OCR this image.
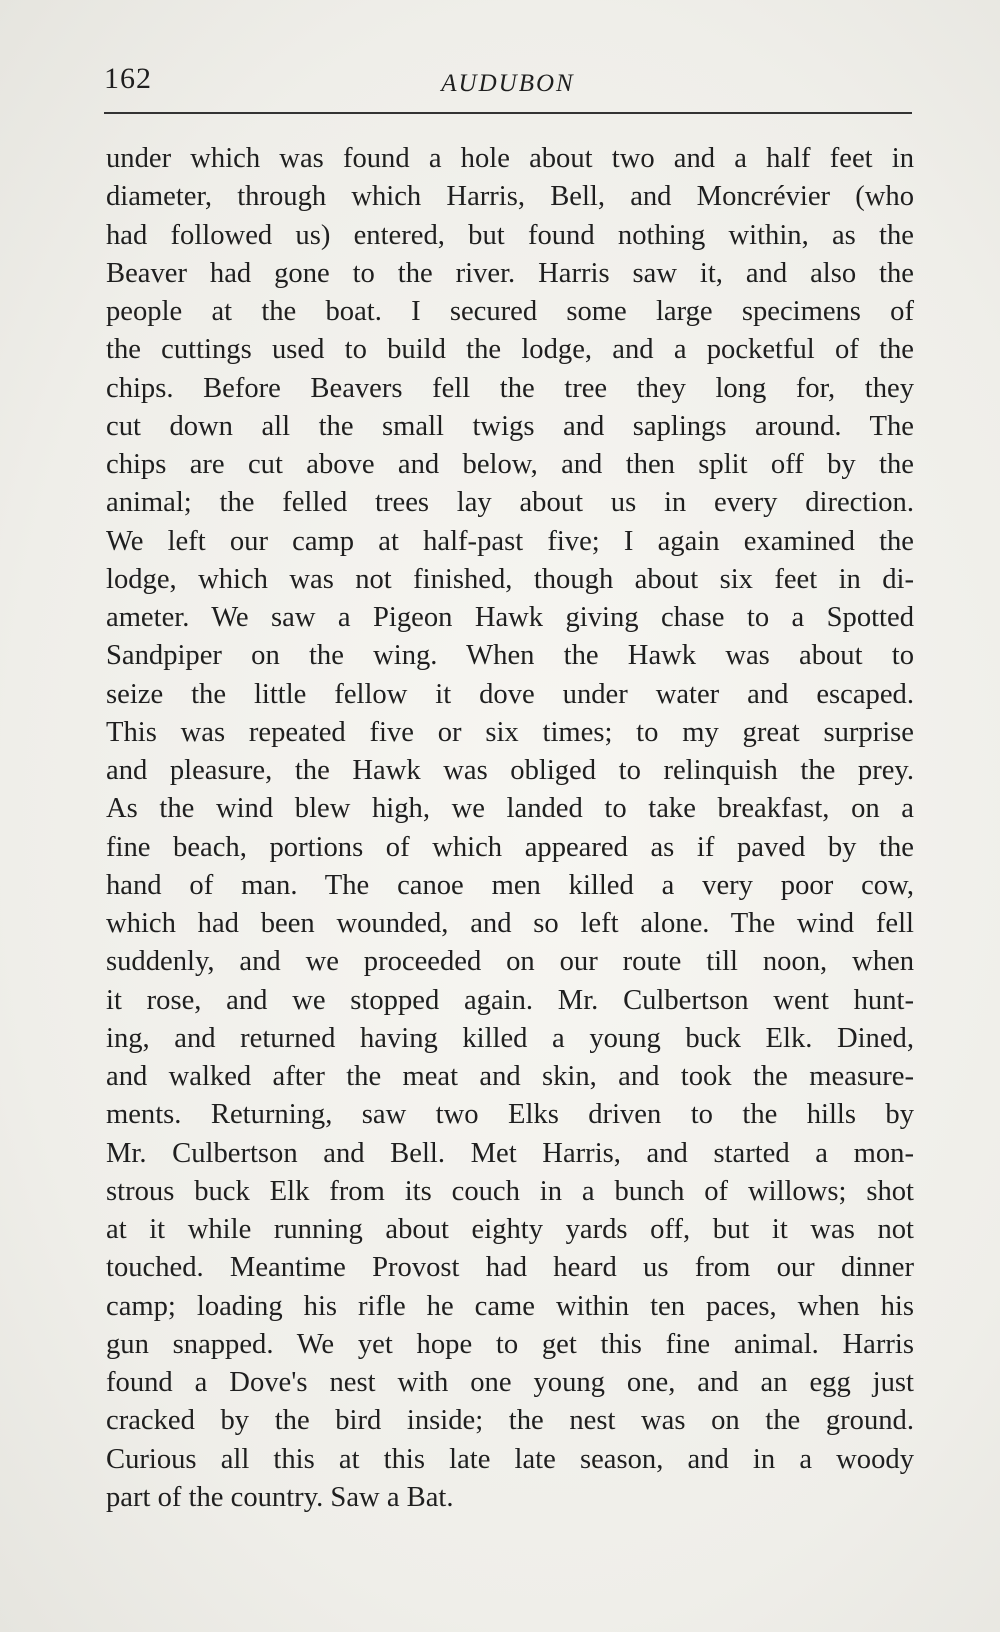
162	AUDUBON
under which was found a hole about two and a half feet in
diameter, through which Harris, Bell, and Moncrévier (who
had followed us) entered, but found nothing within, as the
Beaver had gone to the river. Harris saw it, and also the
people at the boat. I secured some large specimens of
the cuttings used to build the lodge, and a pocketful of the
chips. Before Beavers fell the tree they long for, they
cut down all the small twigs and saplings around. The
chips are cut above and below, and then split off by the
animal; the felled trees lay about us in every direction.
We left our camp at half-past five; I again examined the
lodge, which was not finished, though about six feet in di-
ameter. We saw a Pigeon Hawk giving chase to a Spotted
Sandpiper on the wing. When the Hawk was about to
seize the little fellow it dove under water and escaped.
This was repeated five or six times; to my great surprise
and pleasure, the Hawk was obliged to relinquish the prey.
As the wind blew high, we landed to take breakfast, on a
fine beach, portions of which appeared as if paved by the
hand of man. The canoe men killed a very poor cow,
which had been wounded, and so left alone. The wind fell
suddenly, and we proceeded on our route till noon, when
it rose, and we stopped again. Mr. Culbertson went hunt-
ing, and returned having killed a young buck Elk. Dined,
and walked after the meat and skin, and took the measure-
ments. Returning, saw two Elks driven to the hills by
Mr. Culbertson and Bell. Met Harris, and started a mon-
strous buck Elk from its couch in a bunch of willows; shot
at it while running about eighty yards off, but it was not
touched. Meantime Provost had heard us from our dinner
camp; loading his rifle he came within ten paces, when his
gun snapped. We yet hope to get this fine animal. Harris
found a Dove's nest with one young one, and an egg just
cracked by the bird inside; the nest was on the ground.
Curious all this at this late late season, and in a woody
part of the country. Saw a Bat.
